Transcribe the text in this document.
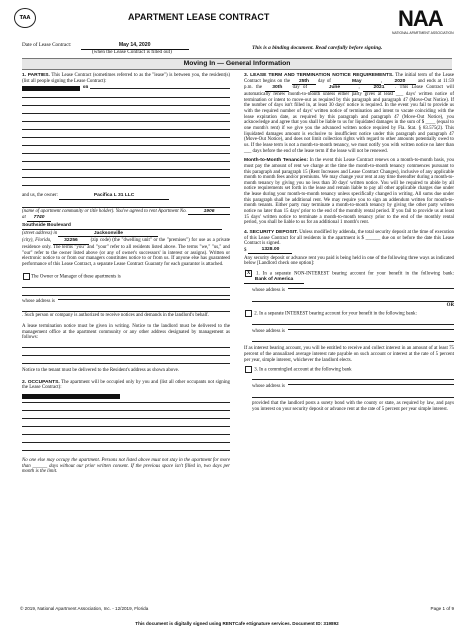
TAA	APARTMENT LEASE CONTRACT	NAA
NATIONAL APARTMENT ASSOCIATION
Date of Lease Contract:	May 14, 2020
(when the Lease Contract is filled out)
This is a binding document. Read carefully before signing.
Moving In — General Information
1. PARTIES. This Lease Contract (sometimes referred to as the "lease") is between you, the resident(s) (list all people signing the Lease Contract):
on
and us, the owner:	Pacifica L 31 LLC
(name of apartment community or title holder). You've agreed to rent Apartment No.	1906 at 7740
Southside Boulevard
(street address) in	Jacksonville
(city), Florida,	32256	(zip code) (the "dwelling unit" or the "premises") for use as a private residence only. The terms "you" and "your" refer to all residents listed above. The terms "we," "us," and "our" refer to the owner listed above (or any of owner's successors' in interest or assigns). Written or electronic notice to or from our managers constitutes notice to or from us. If anyone else has guaranteed performance of this Lease Contract, a separate Lease Contract Guaranty for each guarantor is attached.
The Owner or Manager of these apartments is
whose address is
. Such person or company is authorized to receive notices and demands in the landlord's behalf.
A lease termination notice must be given in writing. Notice to the landlord must be delivered to the management office at the apartment community or any other address designated by management as follows:
Notice to the tenant must be delivered to the Resident's address as shown above.
2. OCCUPANTS. The apartment will be occupied only by you and (list all other occupants not signing the Lease Contract):
No one else may occupy the apartment. Persons not listed above must not stay in the apartment for more than ______ days without our prior written consent. If the previous space isn't filled in, two days per month is the limit.
3. LEASE TERM AND TERMINATION NOTICE REQUIREMENTS. The initial term of the Lease Contract begins on the 25th day of	May	, 2020	and ends at 11:59 p.m. the 30th day of	June	, 2021 . This Lease Contract will automatically renew month-to-month unless either party gives at least ___ days' written notice of termination or intent to move-out as required by this paragraph and paragraph 47 (Move-Out Notice). If the number of days isn't filled in, at least 30 days' notice is required. In the event you fail to provide us with the required number of days' written notice of termination and intent to vacate coinciding with the lease expiration date, as required by this paragraph and paragraph 47 (Move-Out Notice), you acknowledge and agree that you shall be liable to us for liquidated damages in the sum of $ ____ (equal to one month's rent) if we give you the advanced written notice required by Fla. Stat. § 83.575(2). This liquidated damages amount is exclusive to insufficient notice under this paragraph and paragraph 47 (Move-Out Notice), and does not limit collection rights with regard to other amounts potentially owed to us. If the lease term is not a month-to-month tenancy, we must notify you with written notice no later than ___ days before the end of the lease term if the lease will not be renewed.
Month-to-Month Tenancies: In the event this Lease Contract renews on a month-to-month basis, you must pay the amount of rent we charge at the time the month-to-month tenancy commences pursuant to this paragraph and paragraph 15 (Rent Increases and Lease Contract Changes), inclusive of any applicable month to month fees and/or premiums. We may change your rent at any time thereafter during a month-to-month tenancy by giving you no less than 30 days' written notice. You will be required to abide by all notice requirements set forth in the lease and remain liable to pay all other applicable charges due under the lease during your month-to-month tenancy unless specifically changed in writing. All sums due under this paragraph shall be additional rent. We may require you to sign an addendum written for month-to-month tenants. Either party may terminate a month-to-month tenancy by giving the other party written notice no later than 15 days' prior to the end of the monthly rental period. If you fail to provide us at least 15 days' written notice to terminate a month-to-month tenancy prior to the end of the monthly rental period, you shall be liable to us for an additional 1 month's rent.
4. SECURITY DEPOSIT. Unless modified by addenda, the total security deposit at the time of execution of this Lease Contract for all residents in the apartment is $ ______ due on or before the date this Lease Contract is signed.
$	1328.00
Any security deposit or advance rent you paid is being held in one of the following three ways as indicated below [Landlord check one option]:
X 1. In a separate NON-INTEREST bearing account for your benefit in the following bank: Bank of America
whose address is
OR
2. In a separate INTEREST bearing account for your benefit in the following bank:
whose address is
If as interest bearing account, you will be entitled to receive and collect interest in an amount of at least 75 percent of the annualized average interest rate payable on such account or interest at the rate of 5 percent per year, simple interest, whichever the landlord elects.
3. In a commingled account at the following bank
whose address is
provided that the landlord posts a surety bond with the county or state, as required by law, and pays you interest on your security deposit or advance rent at the rate of 5 percent per year simple interest.
© 2019, National Apartment Association, Inc. - 12/2019, Florida	Page 1 of 9
This document is digitally signed using RENTCafe eSignature services. Document ID: 319892
